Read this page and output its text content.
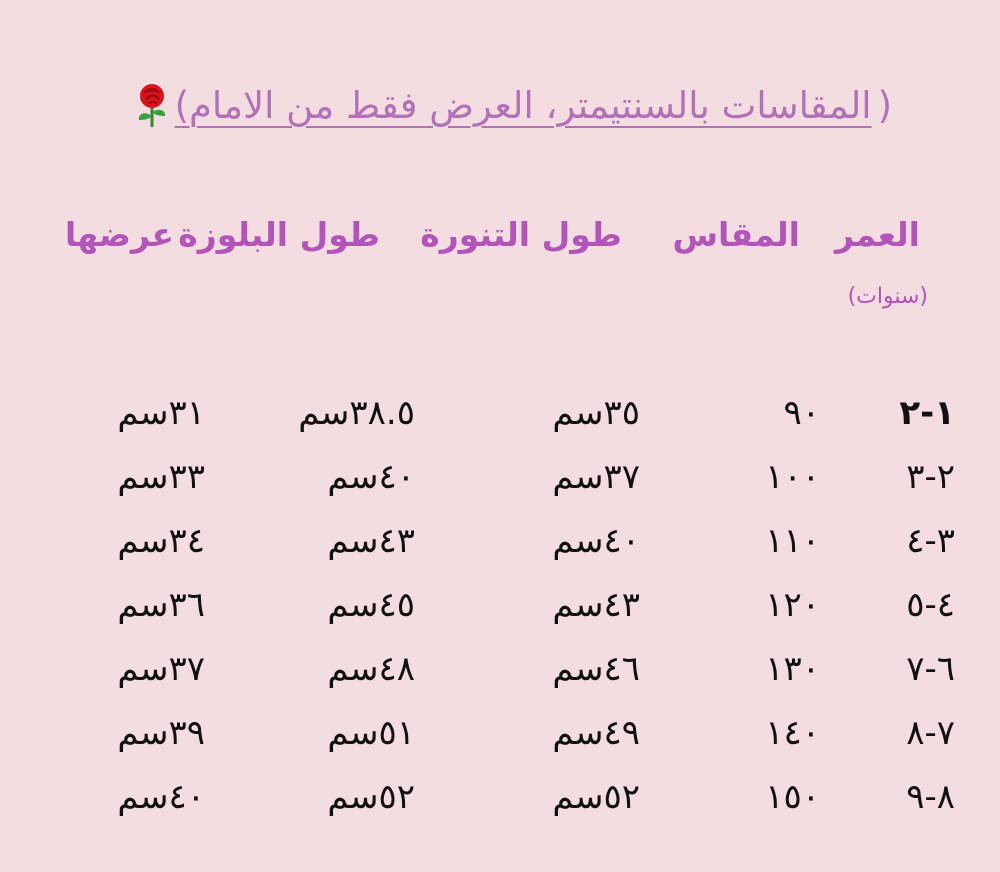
(
المقاسات بالسنتيمتر، العرض فقط من الامام)
العمر
المقاس
طول التنورة
طول البلوزة
عرضها
(سنوات)
١-٢
٩٠
٣٥سم
٣٨.٥سم
٣١سم
٢-٣
١٠٠
٣٧سم
٤٠سم
٣٣سم
٣-٤
١١٠
٤٠سم
٤٣سم
٣٤سم
٤-٥
١٢٠
٤٣سم
٤٥سم
٣٦سم
٦-٧
١٣٠
٤٦سم
٤٨سم
٣٧سم
٧-٨
١٤٠
٤٩سم
٥١سم
٣٩سم
٨-٩
١٥٠
٥٢سم
٥٢سم
٤٠سم
